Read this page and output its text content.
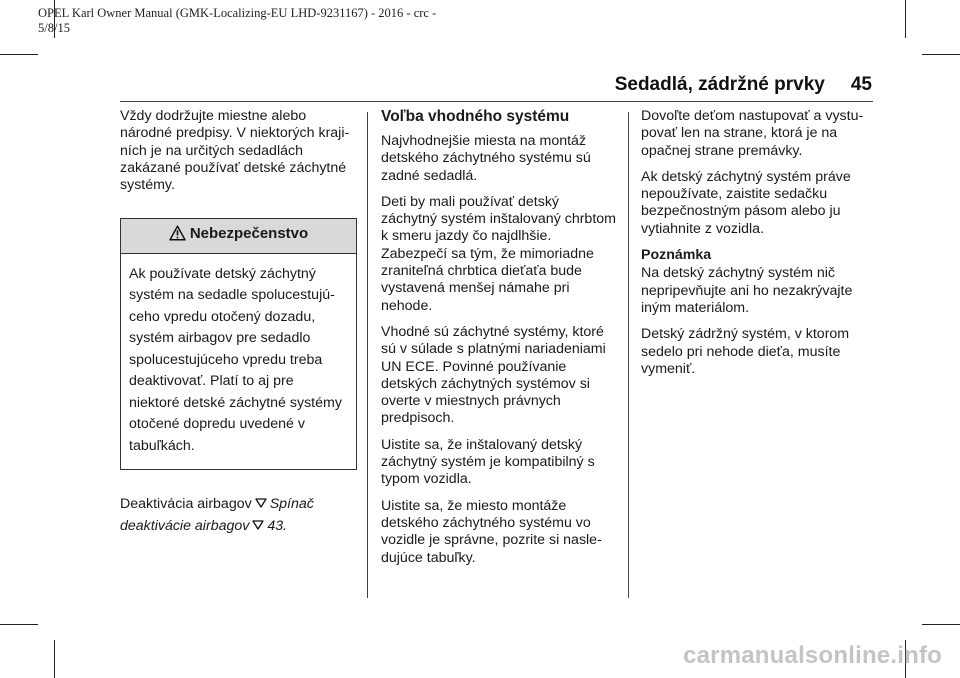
OPEL Karl Owner Manual (GMK-Localizing-EU LHD-9231167) - 2016 - crc -
5/8/15
Sedadlá, zádržné prvky 45

Vždy dodržujte miestne alebo národné predpisy. V niektorých kraji-ních je na určitých sedadlách zakázané používať detské záchytné systémy.

Nebezpečenstvo
Ak používate detský záchytný systém na sedadle spolucestujú-ceho vpredu otočený dozadu, systém airbagov pre sedadlo spolucestujúceho vpredu treba deaktivovať. Platí to aj pre niektoré detské záchytné systémy otočené dopredu uvedené v tabuľkách.

Deaktivácia airbagov Spínač deaktivácie airbagov 43.

Voľba vhodného systému

Najvhodnejšie miesta na montáž detského záchytného systému sú zadné sedadlá.

Deti by mali používať detský záchytný systém inštalovaný chrbtom k smeru jazdy čo najdlhšie. Zabezpečí sa tým, že mimoriadne zraniteľná chrbtica dieťaťa bude vystavená menšej námahe pri nehode.

Vhodné sú záchytné systémy, ktoré sú v súlade s platnými nariadeniami UN ECE. Povinné používanie detských záchytných systémov si overte v miestnych právnych predpisoch.

Uistite sa, že inštalovaný detský záchytný systém je kompatibilný s typom vozidla.

Uistite sa, že miesto montáže detského záchytného systému vo vozidle je správne, pozrite si nasle-dujúce tabuľky.

Dovoľte deťom nastupovať a vystu-povať len na strane, ktorá je na opačnej strane premávky.

Ak detský záchytný systém práve nepoužívate, zaistite sedačku bezpečnostným pásom alebo ju vytiahnite z vozidla.

Poznámka

Na detský záchytný systém nič nepripevňujte ani ho nezakrývajte iným materiálom.

Detský zádržný systém, v ktorom sedelo pri nehode dieťa, musíte vymeniť.

carmanualsonline.info
